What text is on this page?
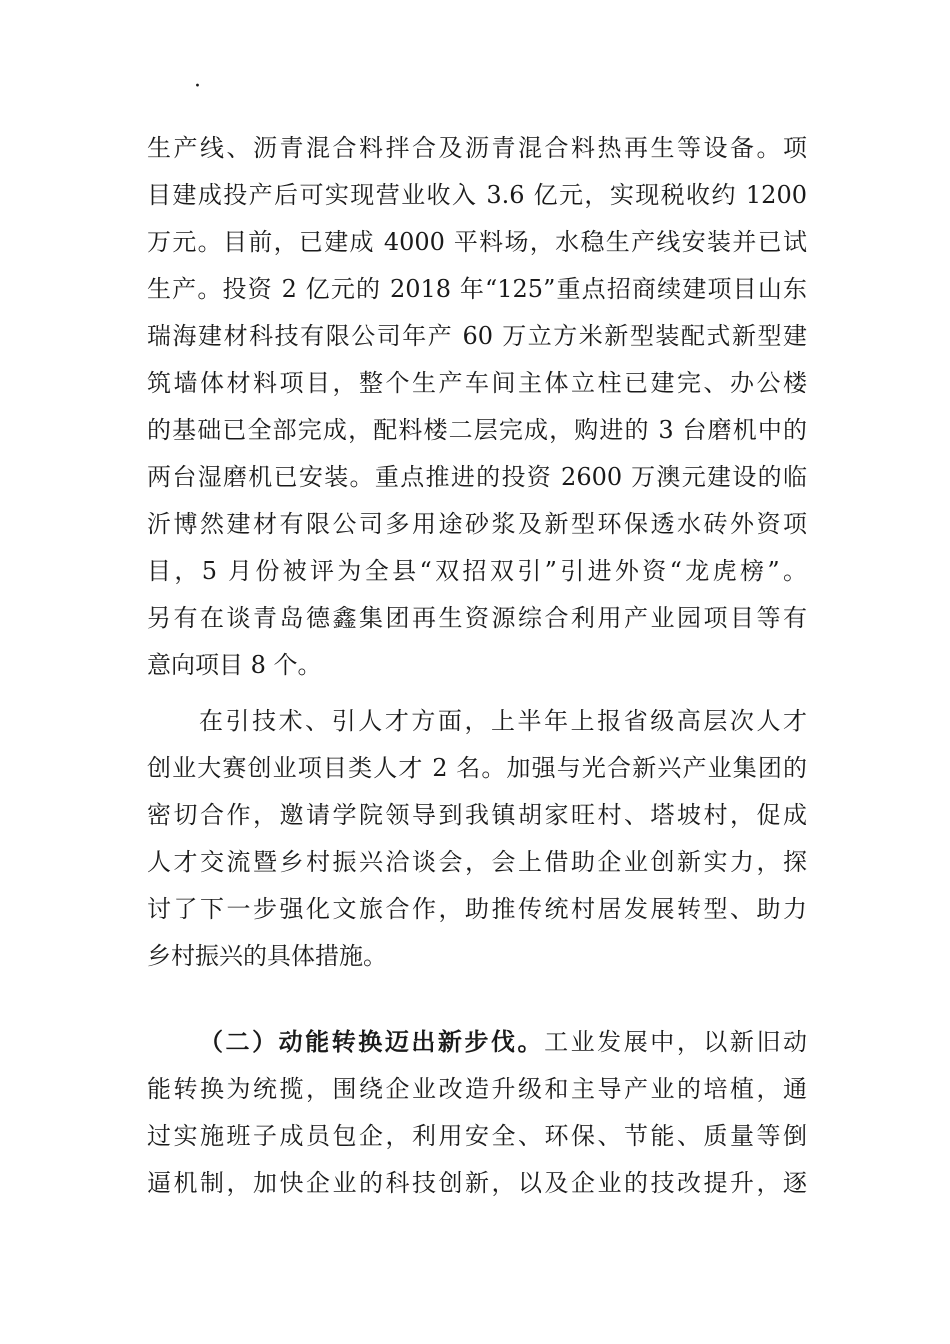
·
生产线、沥青混合料拌合及沥青混合料热再生等设备。项
目建成投产后可实现营业收入 3.6 亿元，实现税收约 1200
万元。目前，已建成 4000 平料场，水稳生产线安装并已试
生产。投资 2 亿元的 2018 年“125”重点招商续建项目山东
瑞海建材科技有限公司年产 60 万立方米新型装配式新型建
筑墙体材料项目，整个生产车间主体立柱已建完、办公楼
的基础已全部完成，配料楼二层完成，购进的 3 台磨机中的
两台湿磨机已安装。重点推进的投资 2600 万澳元建设的临
沂博然建材有限公司多用途砂浆及新型环保透水砖外资项
目，5 月份被评为全县“双招双引”引进外资“龙虎榜”。
另有在谈青岛德鑫集团再生资源综合利用产业园项目等有
意向项目 8 个。
在引技术、引人才方面，上半年上报省级高层次人才
创业大赛创业项目类人才 2 名。加强与光合新兴产业集团的
密切合作，邀请学院领导到我镇胡家旺村、塔坡村，促成
人才交流暨乡村振兴洽谈会，会上借助企业创新实力，探
讨了下一步强化文旅合作，助推传统村居发展转型、助力
乡村振兴的具体措施。
（二）动能转换迈出新步伐。工业发展中，以新旧动
能转换为统揽，围绕企业改造升级和主导产业的培植，通
过实施班子成员包企，利用安全、环保、节能、质量等倒
逼机制，加快企业的科技创新，以及企业的技改提升，逐
